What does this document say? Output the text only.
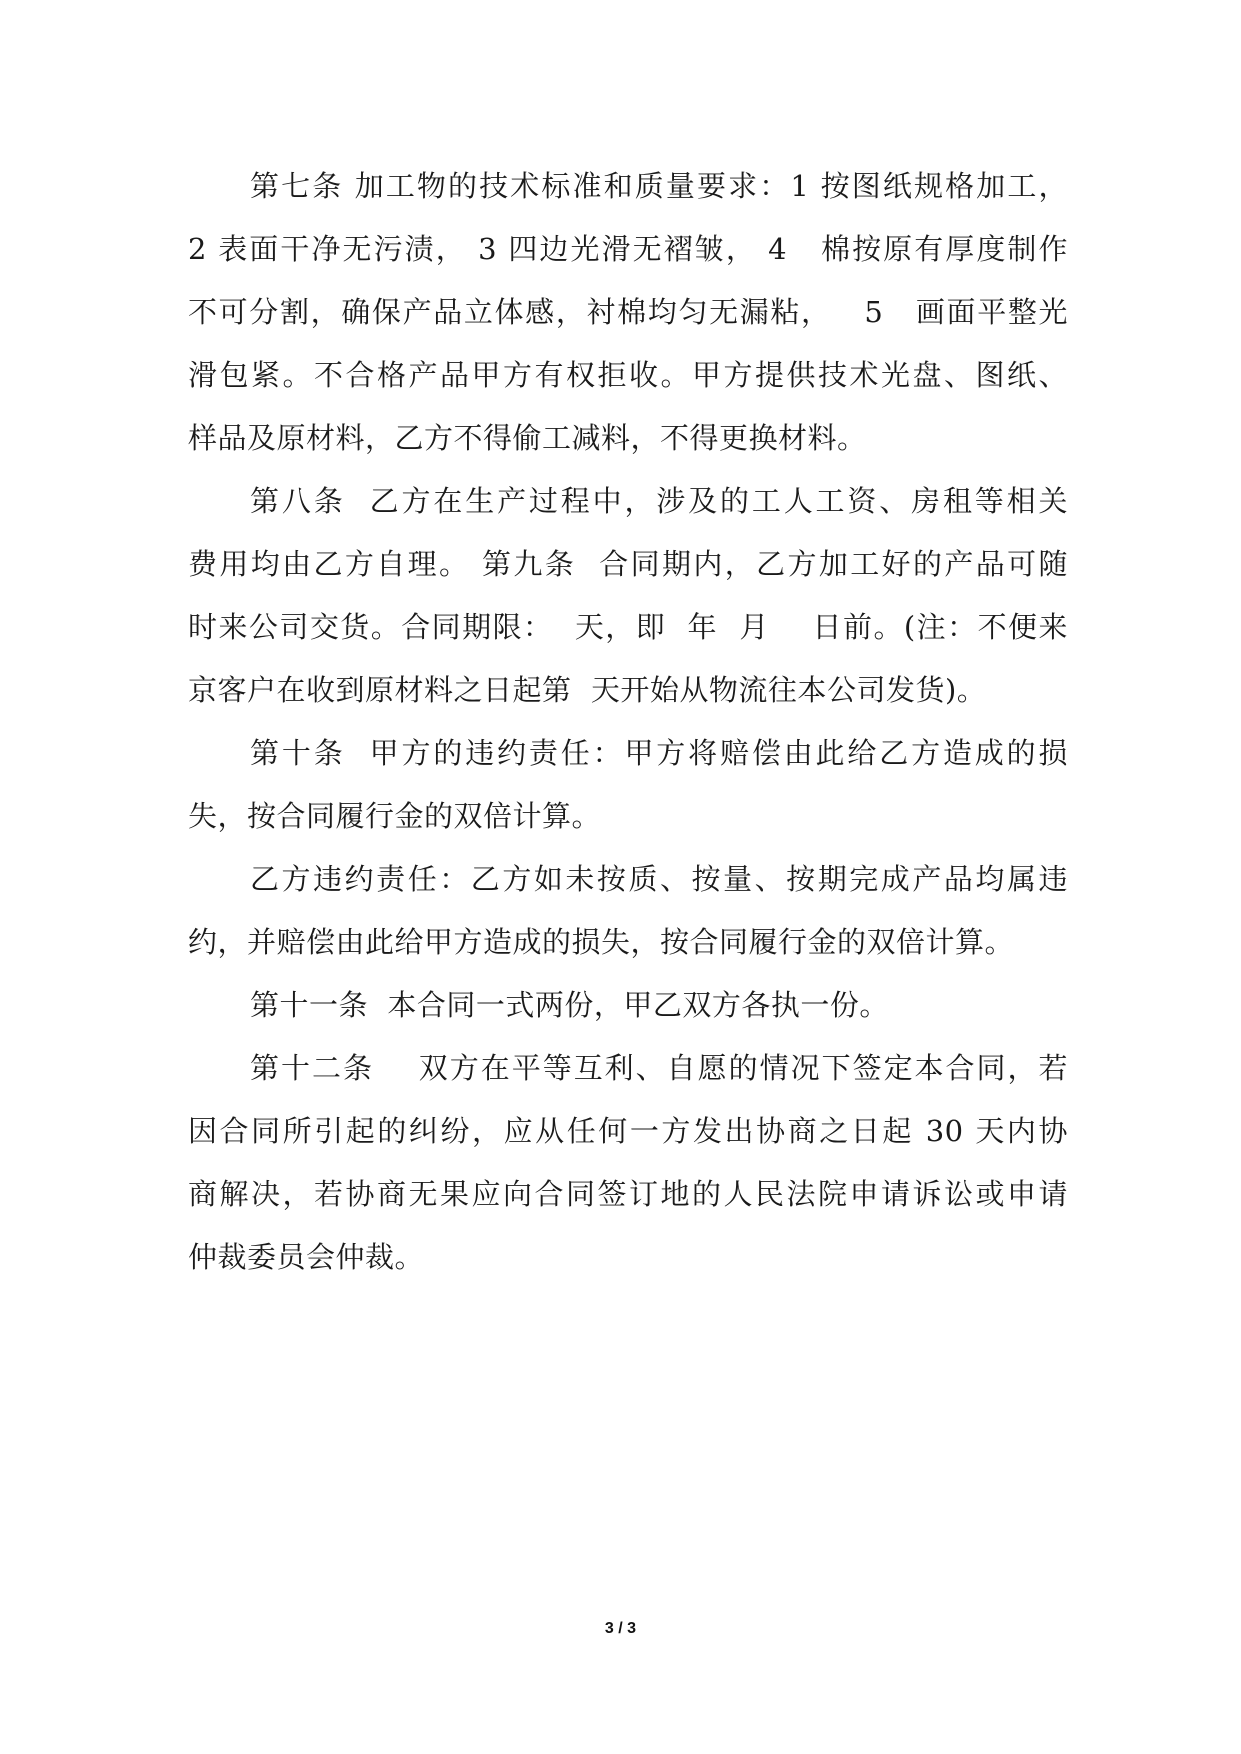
第七条 加工物的技术标准和质量要求：1 按图纸规格加工，
2 表面干净无污渍， 3 四边光滑无褶皱， 4   棉按原有厚度制作
不可分割，确保产品立体感，衬棉均匀无漏粘，   5   画面平整光
滑包紧。不合格产品甲方有权拒收。甲方提供技术光盘、图纸、
样品及原材料，乙方不得偷工减料，不得更换材料。
第八条  乙方在生产过程中，涉及的工人工资、房租等相关
费用均由乙方自理。 第九条  合同期内，乙方加工好的产品可随
时来公司交货。合同期限：  天，即  年  月    日前。(注：不便来
京客户在收到原材料之日起第  天开始从物流往本公司发货)。
第十条  甲方的违约责任：甲方将赔偿由此给乙方造成的损
失，按合同履行金的双倍计算。
乙方违约责任：乙方如未按质、按量、按期完成产品均属违
约，并赔偿由此给甲方造成的损失，按合同履行金的双倍计算。
第十一条  本合同一式两份，甲乙双方各执一份。
第十二条    双方在平等互利、自愿的情况下签定本合同，若
因合同所引起的纠纷，应从任何一方发出协商之日起 30 天内协
商解决，若协商无果应向合同签订地的人民法院申请诉讼或申请
仲裁委员会仲裁。
3 / 3
